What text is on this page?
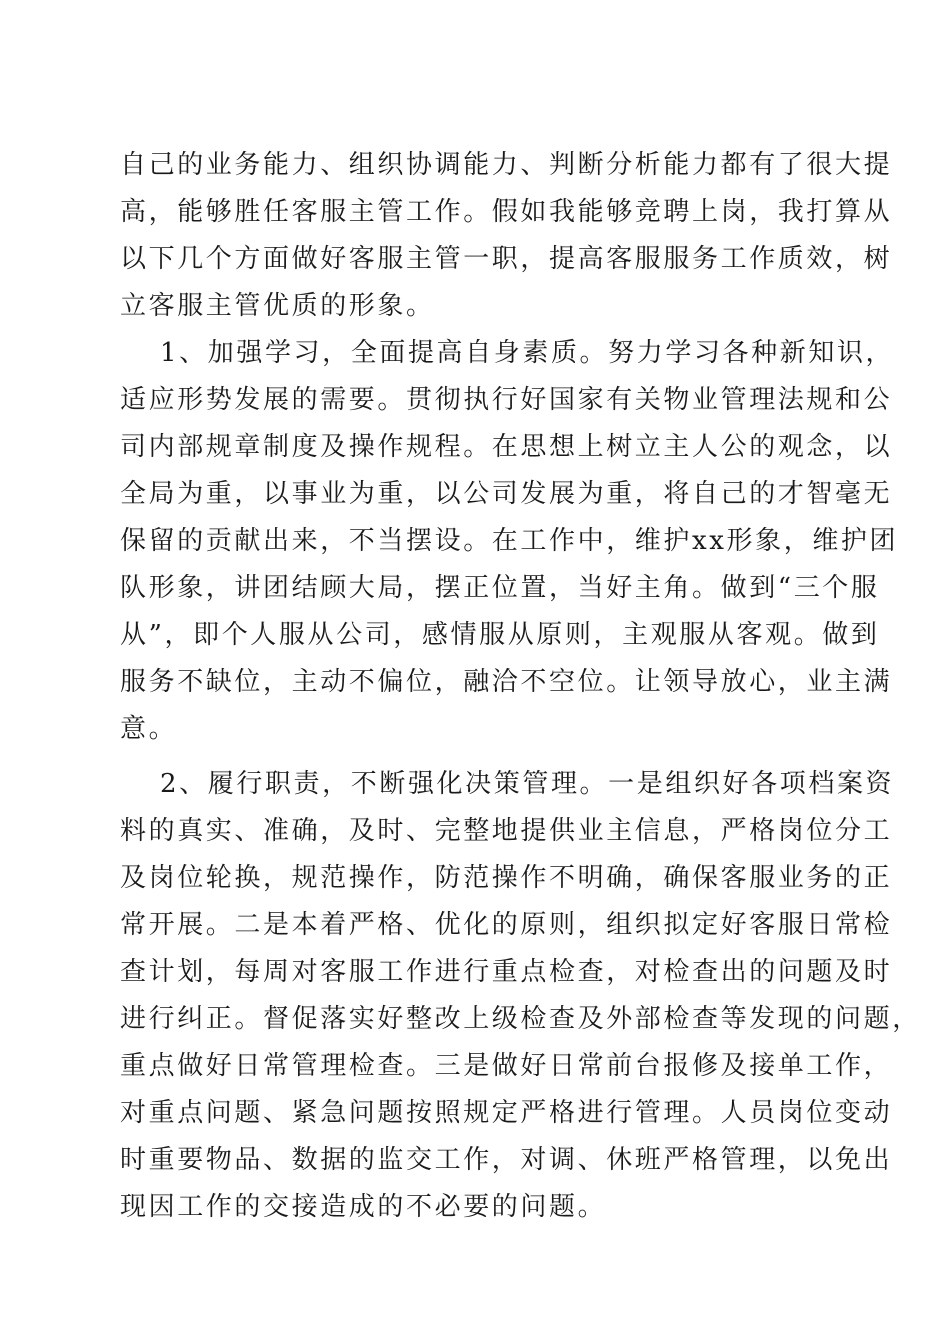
自己的业务能力、组织协调能力、判断分析能力都有了很大提
高，能够胜任客服主管工作。假如我能够竞聘上岗，我打算从
以下几个方面做好客服主管一职，提高客服服务工作质效，树
立客服主管优质的形象。
1、加强学习，全面提高自身素质。努力学习各种新知识，
适应形势发展的需要。贯彻执行好国家有关物业管理法规和公
司内部规章制度及操作规程。在思想上树立主人公的观念，以
全局为重，以事业为重，以公司发展为重，将自己的才智毫无
保留的贡献出来，不当摆设。在工作中，维护xx形象，维护团
队形象，讲团结顾大局，摆正位置，当好主角。做到“三个服
从”，即个人服从公司，感情服从原则，主观服从客观。做到
服务不缺位，主动不偏位，融洽不空位。让领导放心，业主满
意。
2、履行职责，不断强化决策管理。一是组织好各项档案资
料的真实、准确，及时、完整地提供业主信息，严格岗位分工
及岗位轮换，规范操作，防范操作不明确，确保客服业务的正
常开展。二是本着严格、优化的原则，组织拟定好客服日常检
查计划，每周对客服工作进行重点检查，对检查出的问题及时
进行纠正。督促落实好整改上级检查及外部检查等发现的问题，
重点做好日常管理检查。三是做好日常前台报修及接单工作，
对重点问题、紧急问题按照规定严格进行管理。人员岗位变动
时重要物品、数据的监交工作，对调、休班严格管理，以免出
现因工作的交接造成的不必要的问题。
